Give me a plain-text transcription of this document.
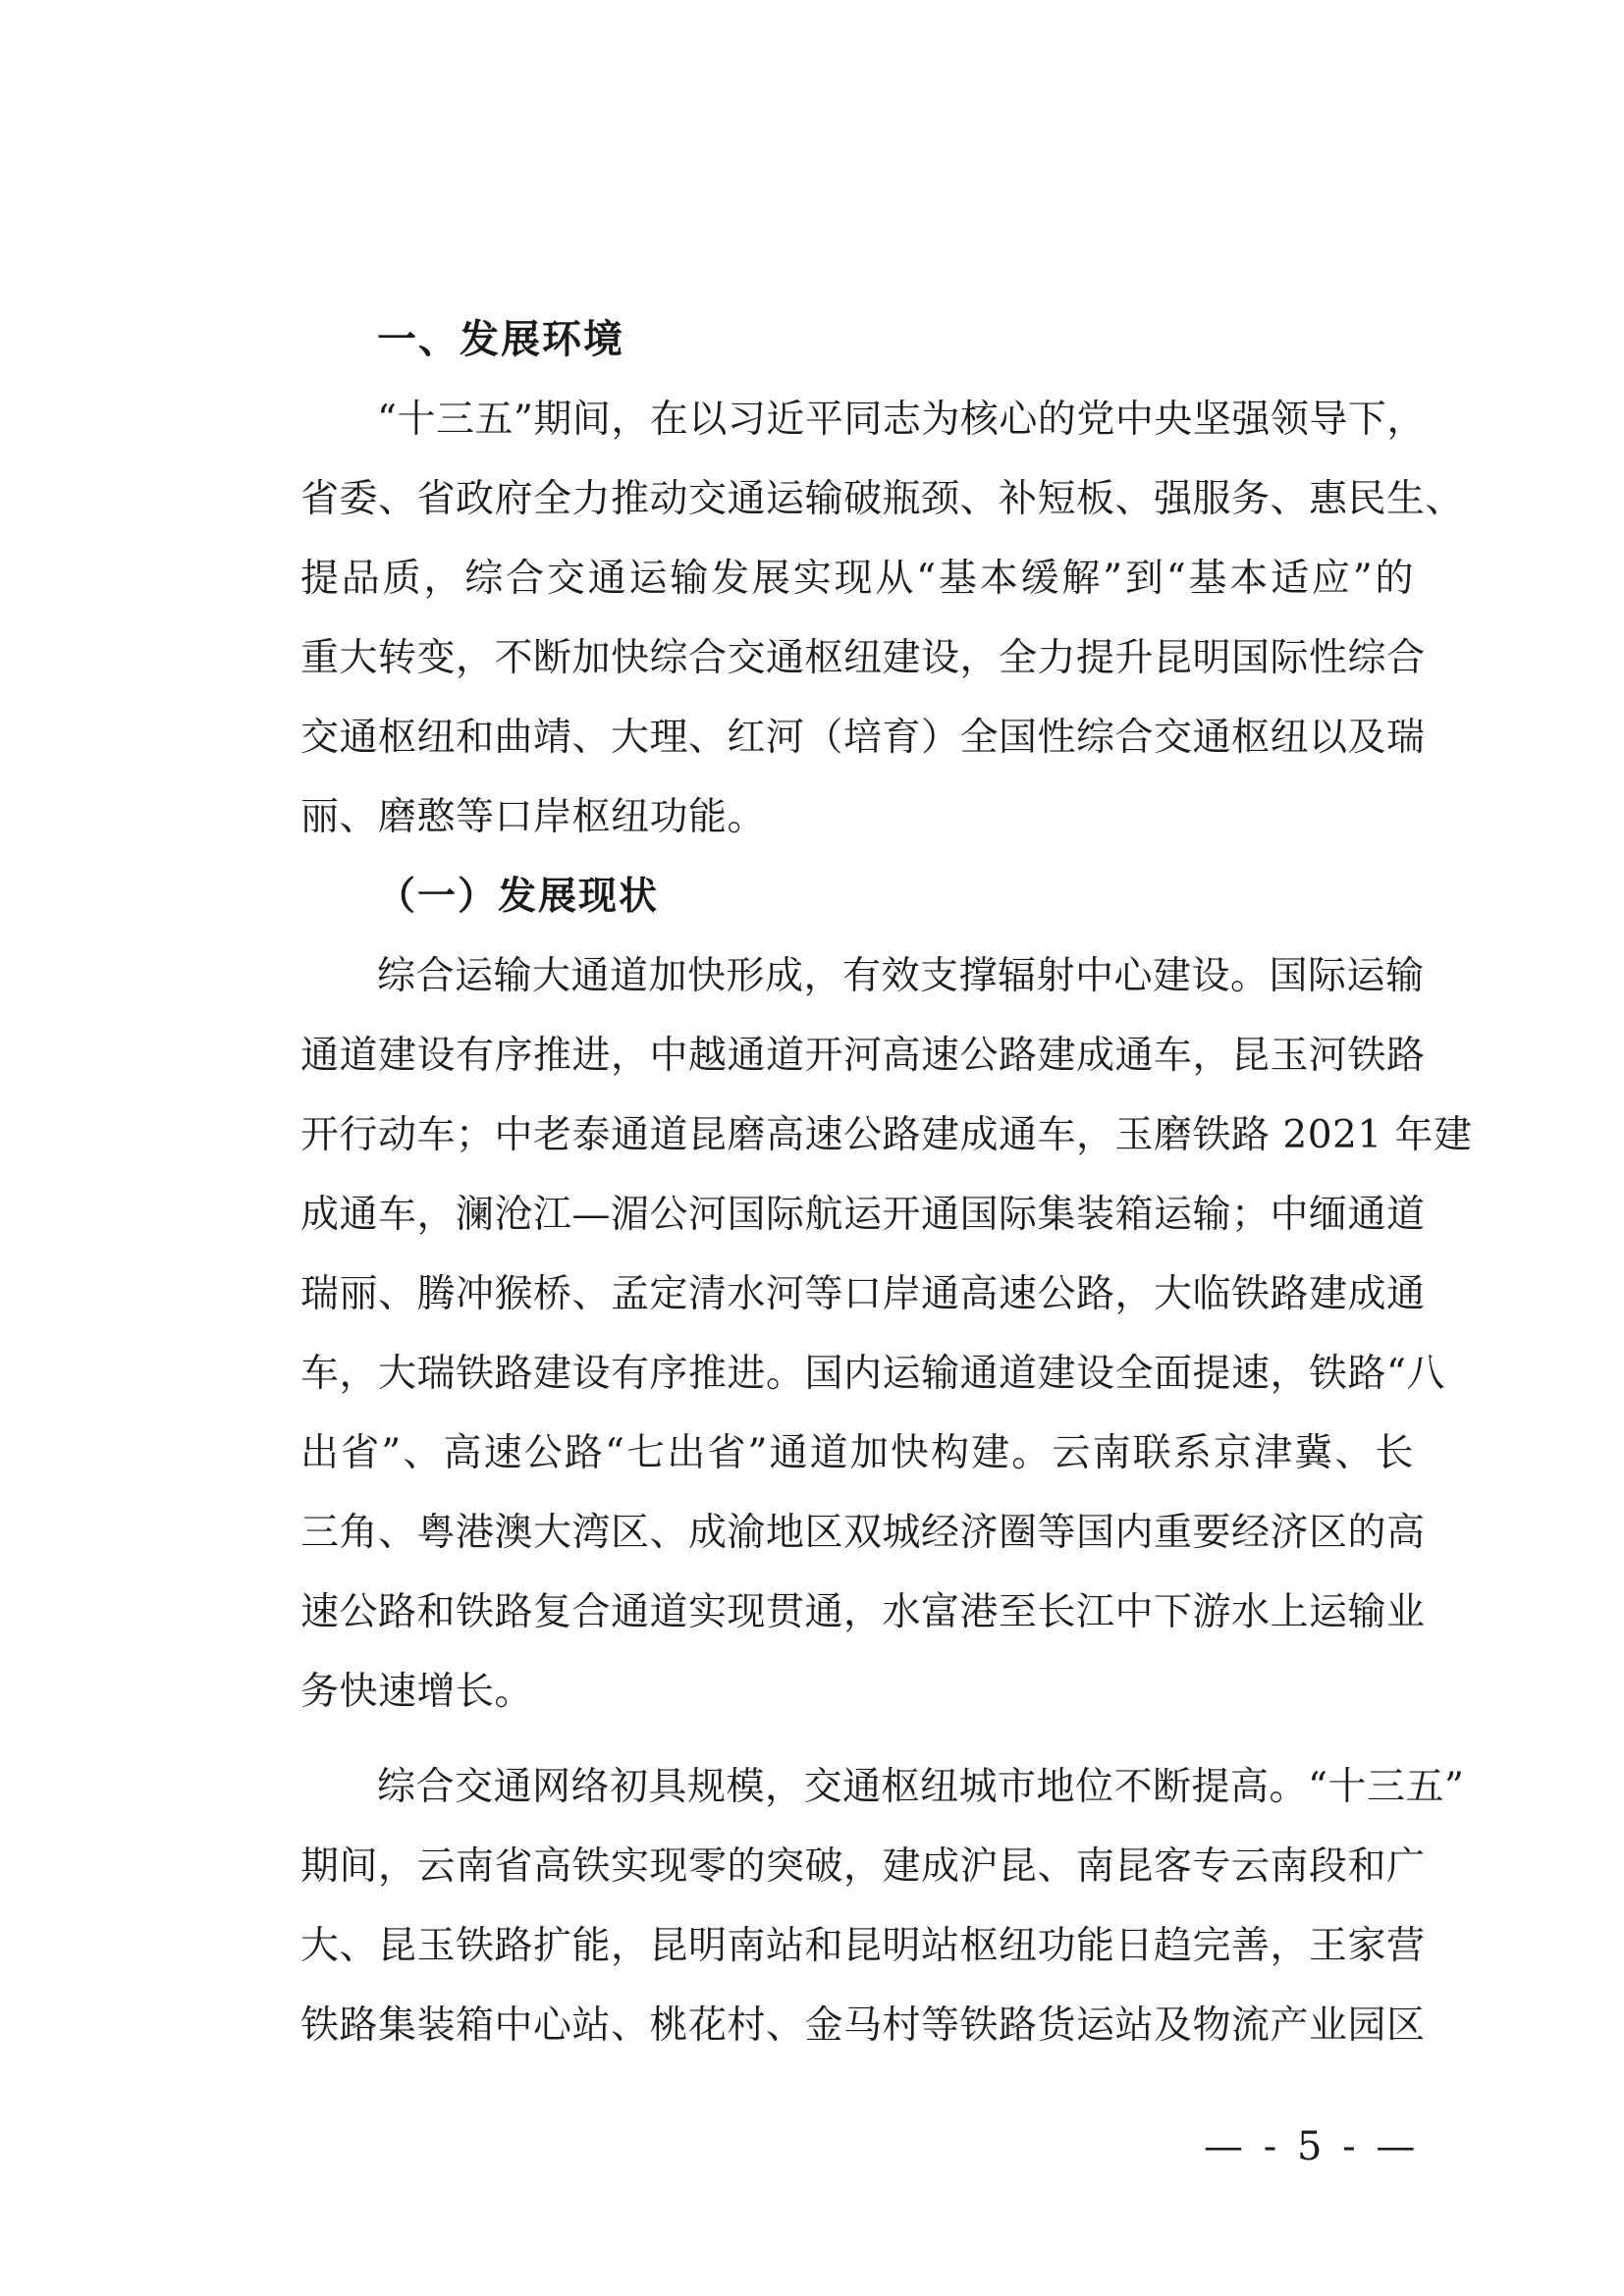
一、发展环境
“十三五”期间，在以习近平同志为核心的党中央坚强领导下，
省委、省政府全力推动交通运输破瓶颈、补短板、强服务、惠民生、
提品质，综合交通运输发展实现从“基本缓解”到“基本适应”的
重大转变，不断加快综合交通枢纽建设，全力提升昆明国际性综合
交通枢纽和曲靖、大理、红河（培育）全国性综合交通枢纽以及瑞
丽、磨憨等口岸枢纽功能。
（一）发展现状
综合运输大通道加快形成，有效支撑辐射中心建设。国际运输
通道建设有序推进，中越通道开河高速公路建成通车，昆玉河铁路
开行动车；中老泰通道昆磨高速公路建成通车，玉磨铁路 2021 年建
成通车，澜沧江—湄公河国际航运开通国际集装箱运输；中缅通道
瑞丽、腾冲猴桥、孟定清水河等口岸通高速公路，大临铁路建成通
车，大瑞铁路建设有序推进。国内运输通道建设全面提速，铁路“八
出省”、高速公路“七出省”通道加快构建。云南联系京津冀、长
三角、粤港澳大湾区、成渝地区双城经济圈等国内重要经济区的高
速公路和铁路复合通道实现贯通，水富港至长江中下游水上运输业
务快速增长。
综合交通网络初具规模，交通枢纽城市地位不断提高。“十三五”
期间，云南省高铁实现零的突破，建成沪昆、南昆客专云南段和广
大、昆玉铁路扩能，昆明南站和昆明站枢纽功能日趋完善，王家营
铁路集装箱中心站、桃花村、金马村等铁路货运站及物流产业园区
— - 5 - —
